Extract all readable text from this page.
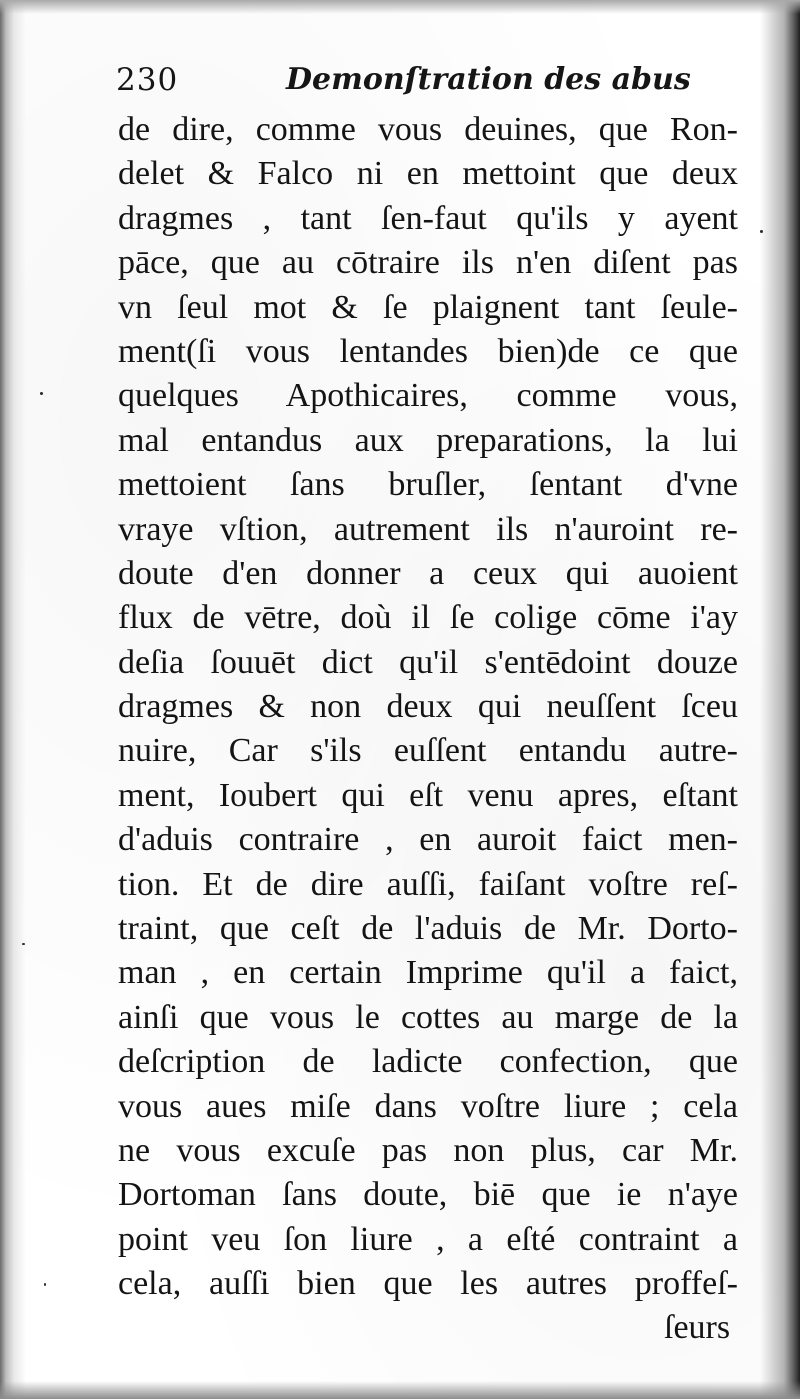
230	Demonſtration des abus
de dire, comme vous deuines, que Ron-
delet & Falco ni en mettoint que deux
dragmes , tant ſen-faut qu'ils y ayent
pāce, que au cōtraire ils n'en diſent pas
vn ſeul mot & ſe plaignent tant ſeule-
ment(ſi vous lentandes bien)de ce que
quelques Apothicaires, comme vous,
mal entandus aux preparations, la lui
mettoient ſans bruſler, ſentant d'vne
vraye vſtion, autrement ils n'auroint re-
doute d'en donner a ceux qui auoient
flux de vētre, doù il ſe colige cōme i'ay
deſia ſouuēt dict qu'il s'entēdoint douze
dragmes & non deux qui neuſſent ſceu
nuire, Car s'ils euſſent entandu autre-
ment, Ioubert qui eſt venu apres, eſtant
d'aduis contraire , en auroit faict men-
tion. Et de dire auſſi, faiſant voſtre reſ-
traint, que ceſt de l'aduis de Mr. Dorto-
man , en certain Imprime qu'il a faict,
ainſi que vous le cottes au marge de la
deſcription de ladicte confection, que
vous aues miſe dans voſtre liure ; cela
ne vous excuſe pas non plus, car Mr.
Dortoman ſans doute, biē que ie n'aye
point veu ſon liure , a eſté contraint a
cela, auſſi bien que les autres proffeſ-
ſeurs
